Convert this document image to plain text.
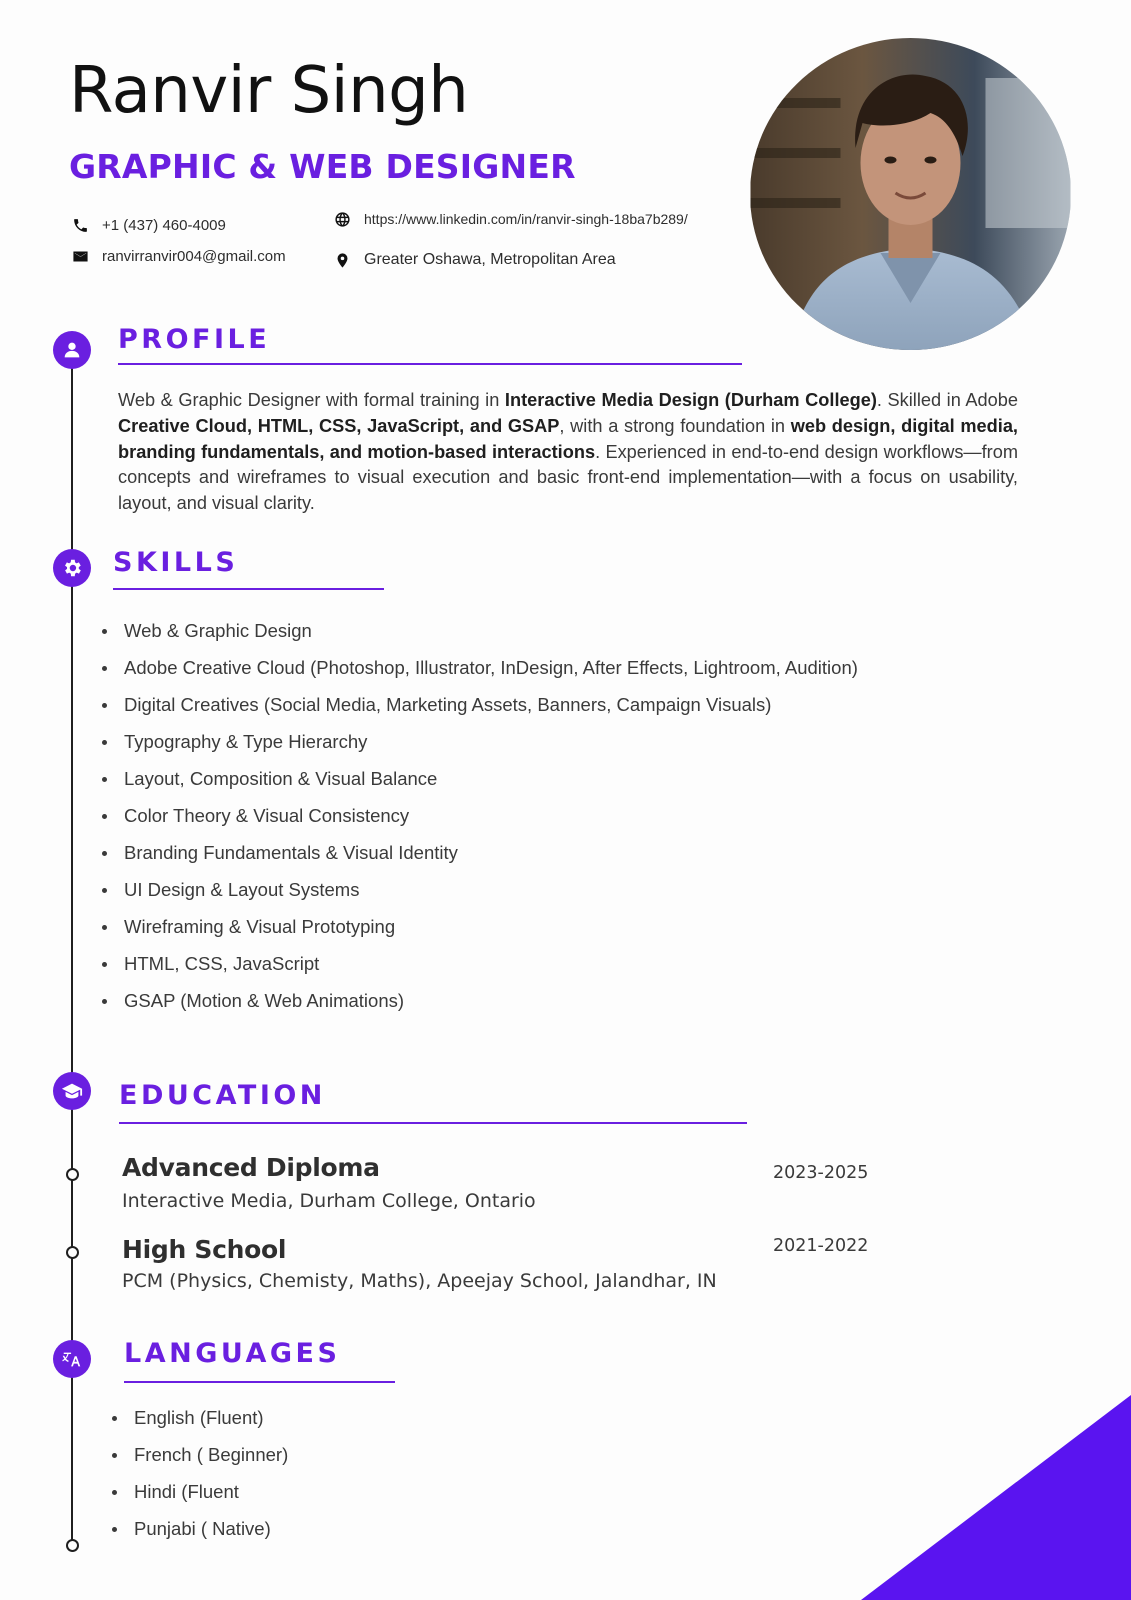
Ranvir Singh
GRAPHIC & WEB DESIGNER
+1 (437) 460-4009
ranvirranvir004@gmail.com
https://www.linkedin.com/in/ranvir-singh-18ba7b289/
Greater Oshawa, Metropolitan Area
PROFILE

Web & Graphic Designer with formal training in Interactive Media Design (Durham College). Skilled in Adobe Creative Cloud, HTML, CSS, JavaScript, and GSAP, with a strong foundation in web design, digital media, branding fundamentals, and motion-based interactions. Experienced in end-to-end design workflows—from concepts and wireframes to visual execution and basic front-end implementation—with a focus on usability, layout, and visual clarity.

SKILLS
Web & Graphic Design
Adobe Creative Cloud (Photoshop, Illustrator, InDesign, After Effects, Lightroom, Audition)
Digital Creatives (Social Media, Marketing Assets, Banners, Campaign Visuals)
Typography & Type Hierarchy
Layout, Composition & Visual Balance
Color Theory & Visual Consistency
Branding Fundamentals & Visual Identity
UI Design & Layout Systems
Wireframing & Visual Prototyping
HTML, CSS, JavaScript
GSAP (Motion & Web Animations)
EDUCATION
Advanced Diploma

Interactive Media, Durham College, Ontario

2023-2025

High School

PCM (Physics, Chemisty, Maths), Apeejay School, Jalandhar, IN

2021-2022

LANGUAGES
English (Fluent)
French ( Beginner)
Hindi (Fluent
Punjabi ( Native)
